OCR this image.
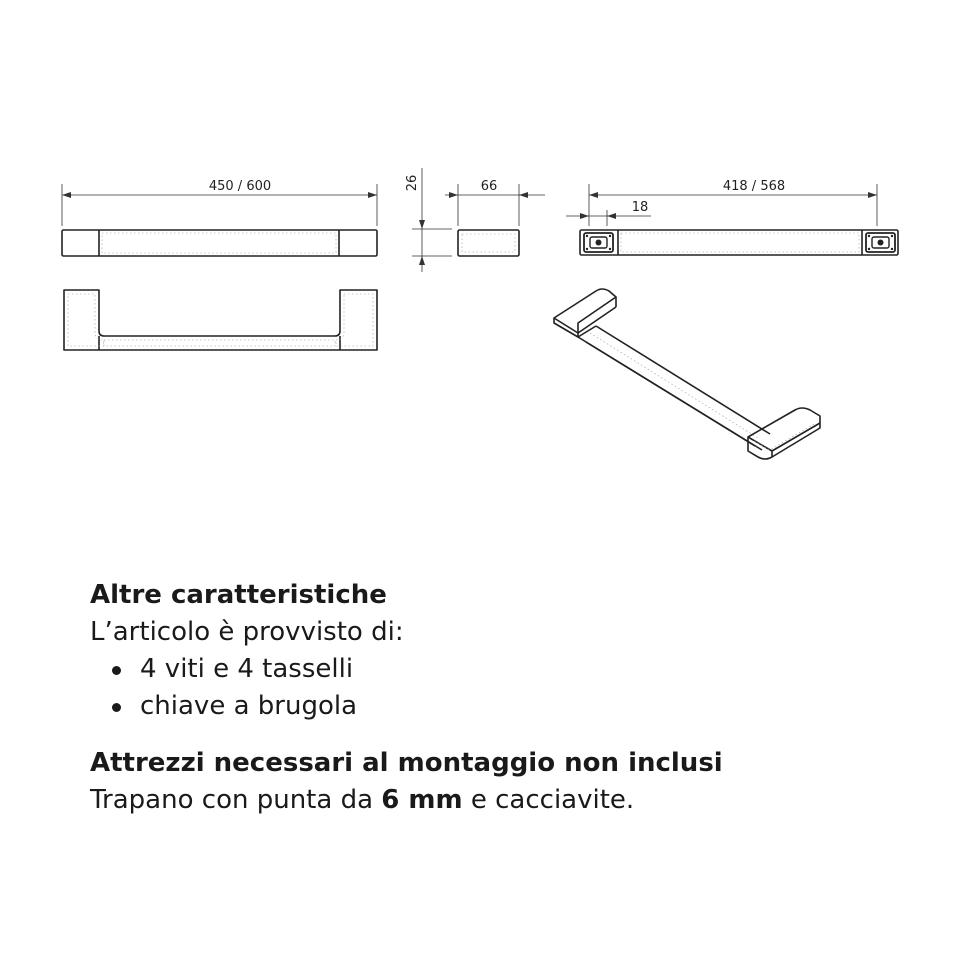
450 / 600	26	66	418 / 568
18

Altre caratteristiche

L’articolo è provvisto di:

4 viti e 4 tasselli
chiave a brugola

Attrezzi necessari al montaggio non inclusi

Trapano con punta da 6 mm e cacciavite.
